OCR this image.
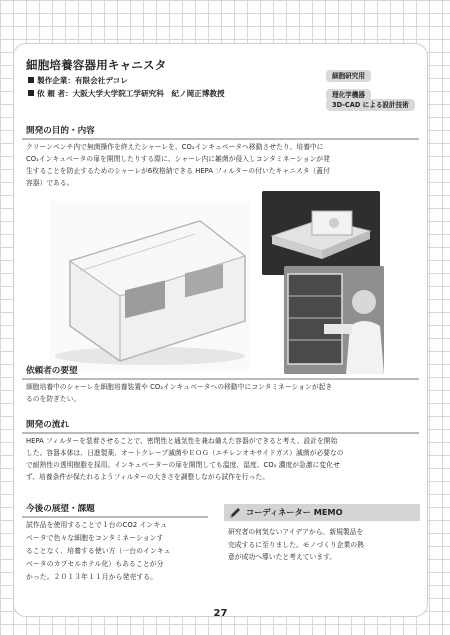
細胞培養容器用キャニスタ
製作企業：有限会社デコレ
依 頼 者：大阪大学大学院工学研究科　紀ノ岡正博教授
細胞研究用 理化学機器
3D-CAD による設計技術
開発の目的・内容
クリーンベンチ内で無菌操作を終えたシャーレを、CO₂インキュベータへ移動させたり、培養中に
CO₂インキュベータの扉を開閉したりする際に、シャーレ内に雑菌が侵入しコンタミネーションが発
生することを防止するためのシャーレが6枚格納できる HEPA フィルターの付いたキャニスタ（蓋付
容器）である。
依頼者の要望
細胞培養中のシャーレを細胞培養装置や CO₂インキュベータへの移動中にコンタミネーションが起き
るのを防ぎたい。
開発の流れ
HEPA フィルターを装着させることで、密閉性と通気性を兼ね備えた容器ができると考え、設計を開始
した。容器本体は、日進製薬、オートクレーブ滅菌やＥＯＧ（エチレンオキサイドガス）滅菌が必要なの
で耐熱性の透明樹脂を採用。インキュベーターの扉を開閉しても温度、湿度、CO₂ 濃度が急激に変化せ
ず、培養条件が保たれるようフィルターの大きさを調整しながら試作を行った。
今後の展望・課題
試作品を使用することで１台のCO2 インキュ
ベータで色々な細胞をコンタミネーションす
ることなく、培養する使い方（一台のインキュ
ベータのカプセルホテル化）もあることが分
かった。２０１３年１１月から発売する。
コーディネーター MEMO
研究者の何気ないアイデアから、新規製品を
完成するに至りました。モノづくり企業の熱
意が成功へ導いたと考えています。
27
